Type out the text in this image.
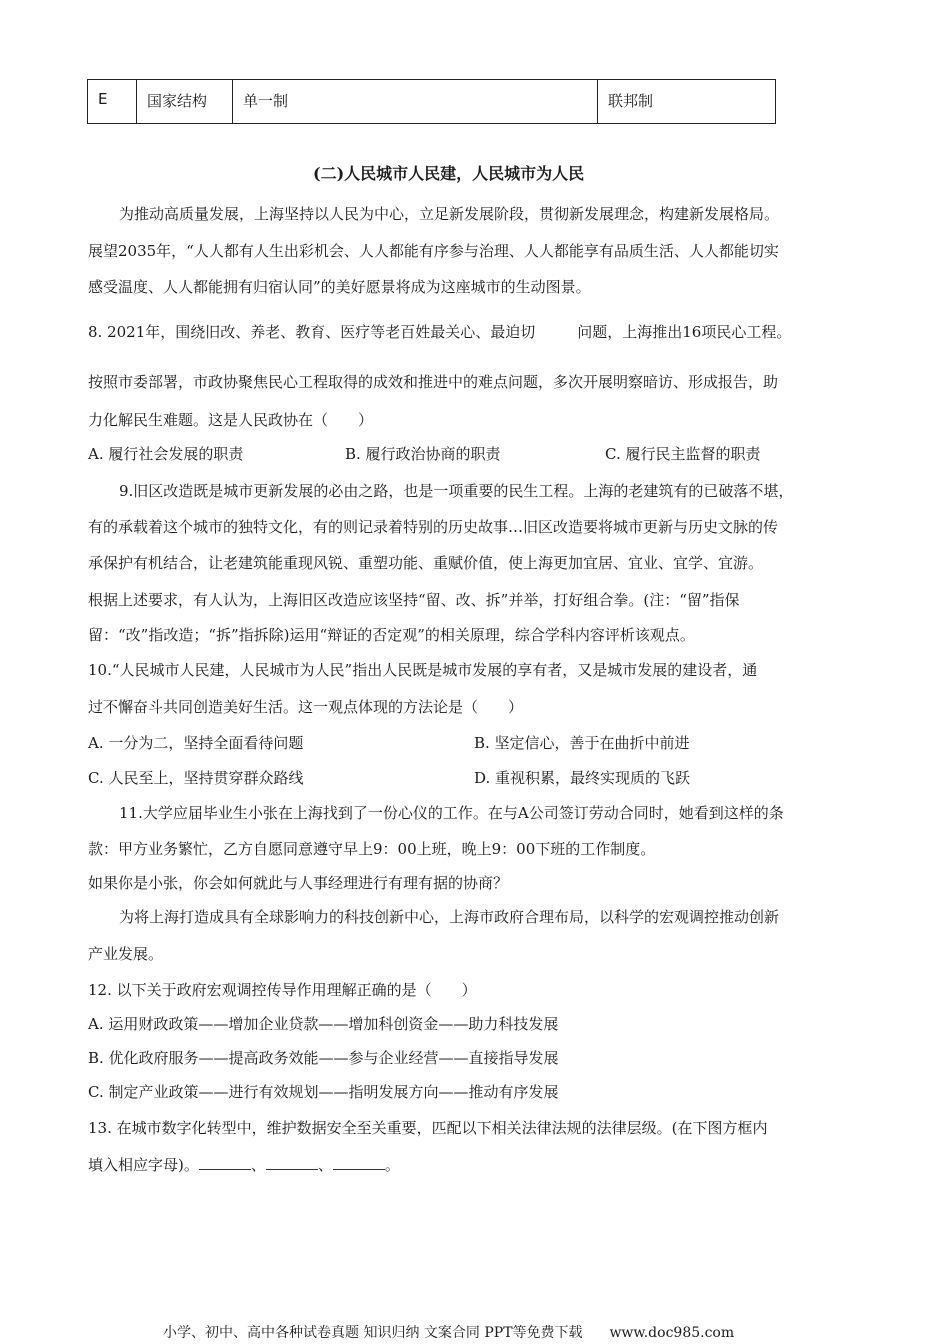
E	国家结构	单一制	联邦制
(二)人民城市人民建，人民城市为人民
为推动高质量发展，上海坚持以人民为中心，立足新发展阶段，贯彻新发展理念，构建新发展格局。
展望2035年，“人人都有人生出彩机会、人人都能有序参与治理、人人都能享有品质生活、人人都能切实
感受温度、人人都能拥有归宿认同”的美好愿景将成为这座城市的生动图景。
8. 2021年，围绕旧改、养老、教育、医疗等老百姓最关心、最迫切	问题，上海推出16项民心工程。
按照市委部署，市政协聚焦民心工程取得的成效和推进中的难点问题，多次开展明察暗访、形成报告，助
力化解民生难题。这是人民政协在（　　）
A. 履行社会发展的职责	B. 履行政治协商的职责	C. 履行民主监督的职责
9.旧区改造既是城市更新发展的必由之路，也是一项重要的民生工程。上海的老建筑有的已破落不堪，
有的承载着这个城市的独特文化，有的则记录着特别的历史故事…旧区改造要将城市更新与历史文脉的传
承保护有机结合，让老建筑能重现风锐、重塑功能、重赋价值，使上海更加宜居、宜业、宜学、宜游。
根据上述要求，有人认为，上海旧区改造应该坚持“留、改、拆”并举，打好组合拳。(注：“留”指保
留：“改”指改造；“拆”指拆除)运用“辩证的否定观”的相关原理，综合学科内容评析该观点。
10.“人民城市人民建，人民城市为人民”指出人民既是城市发展的享有者，又是城市发展的建设者，通
过不懈奋斗共同创造美好生活。这一观点体现的方法论是（　　）
A. 一分为二，坚持全面看待问题	B. 坚定信心，善于在曲折中前进
C. 人民至上，坚持贯穿群众路线	D. 重视积累，最终实现质的飞跃
11.大学应届毕业生小张在上海找到了一份心仪的工作。在与A公司签订劳动合同时，她看到这样的条
款：甲方业务繁忙，乙方自愿同意遵守早上9：00上班，晚上9：00下班的工作制度。
如果你是小张，你会如何就此与人事经理进行有理有据的协商？
为将上海打造成具有全球影响力的科技创新中心，上海市政府合理布局，以科学的宏观调控推动创新
产业发展。
12. 以下关于政府宏观调控传导作用理解正确的是（　　）
A. 运用财政政策——增加企业贷款——增加科创资金——助力科技发展
B. 优化政府服务——提高政务效能——参与企业经营——直接指导发展
C. 制定产业政策——进行有效规划——指明发展方向——推动有序发展
13. 在城市数字化转型中，维护数据安全至关重要，匹配以下相关法律法规的法律层级。(在下图方框内
填入相应字母)。	、	、	。
小学、初中、高中各种试卷真题 知识归纳 文案合同 PPT等免费下载 www.doc985.com
